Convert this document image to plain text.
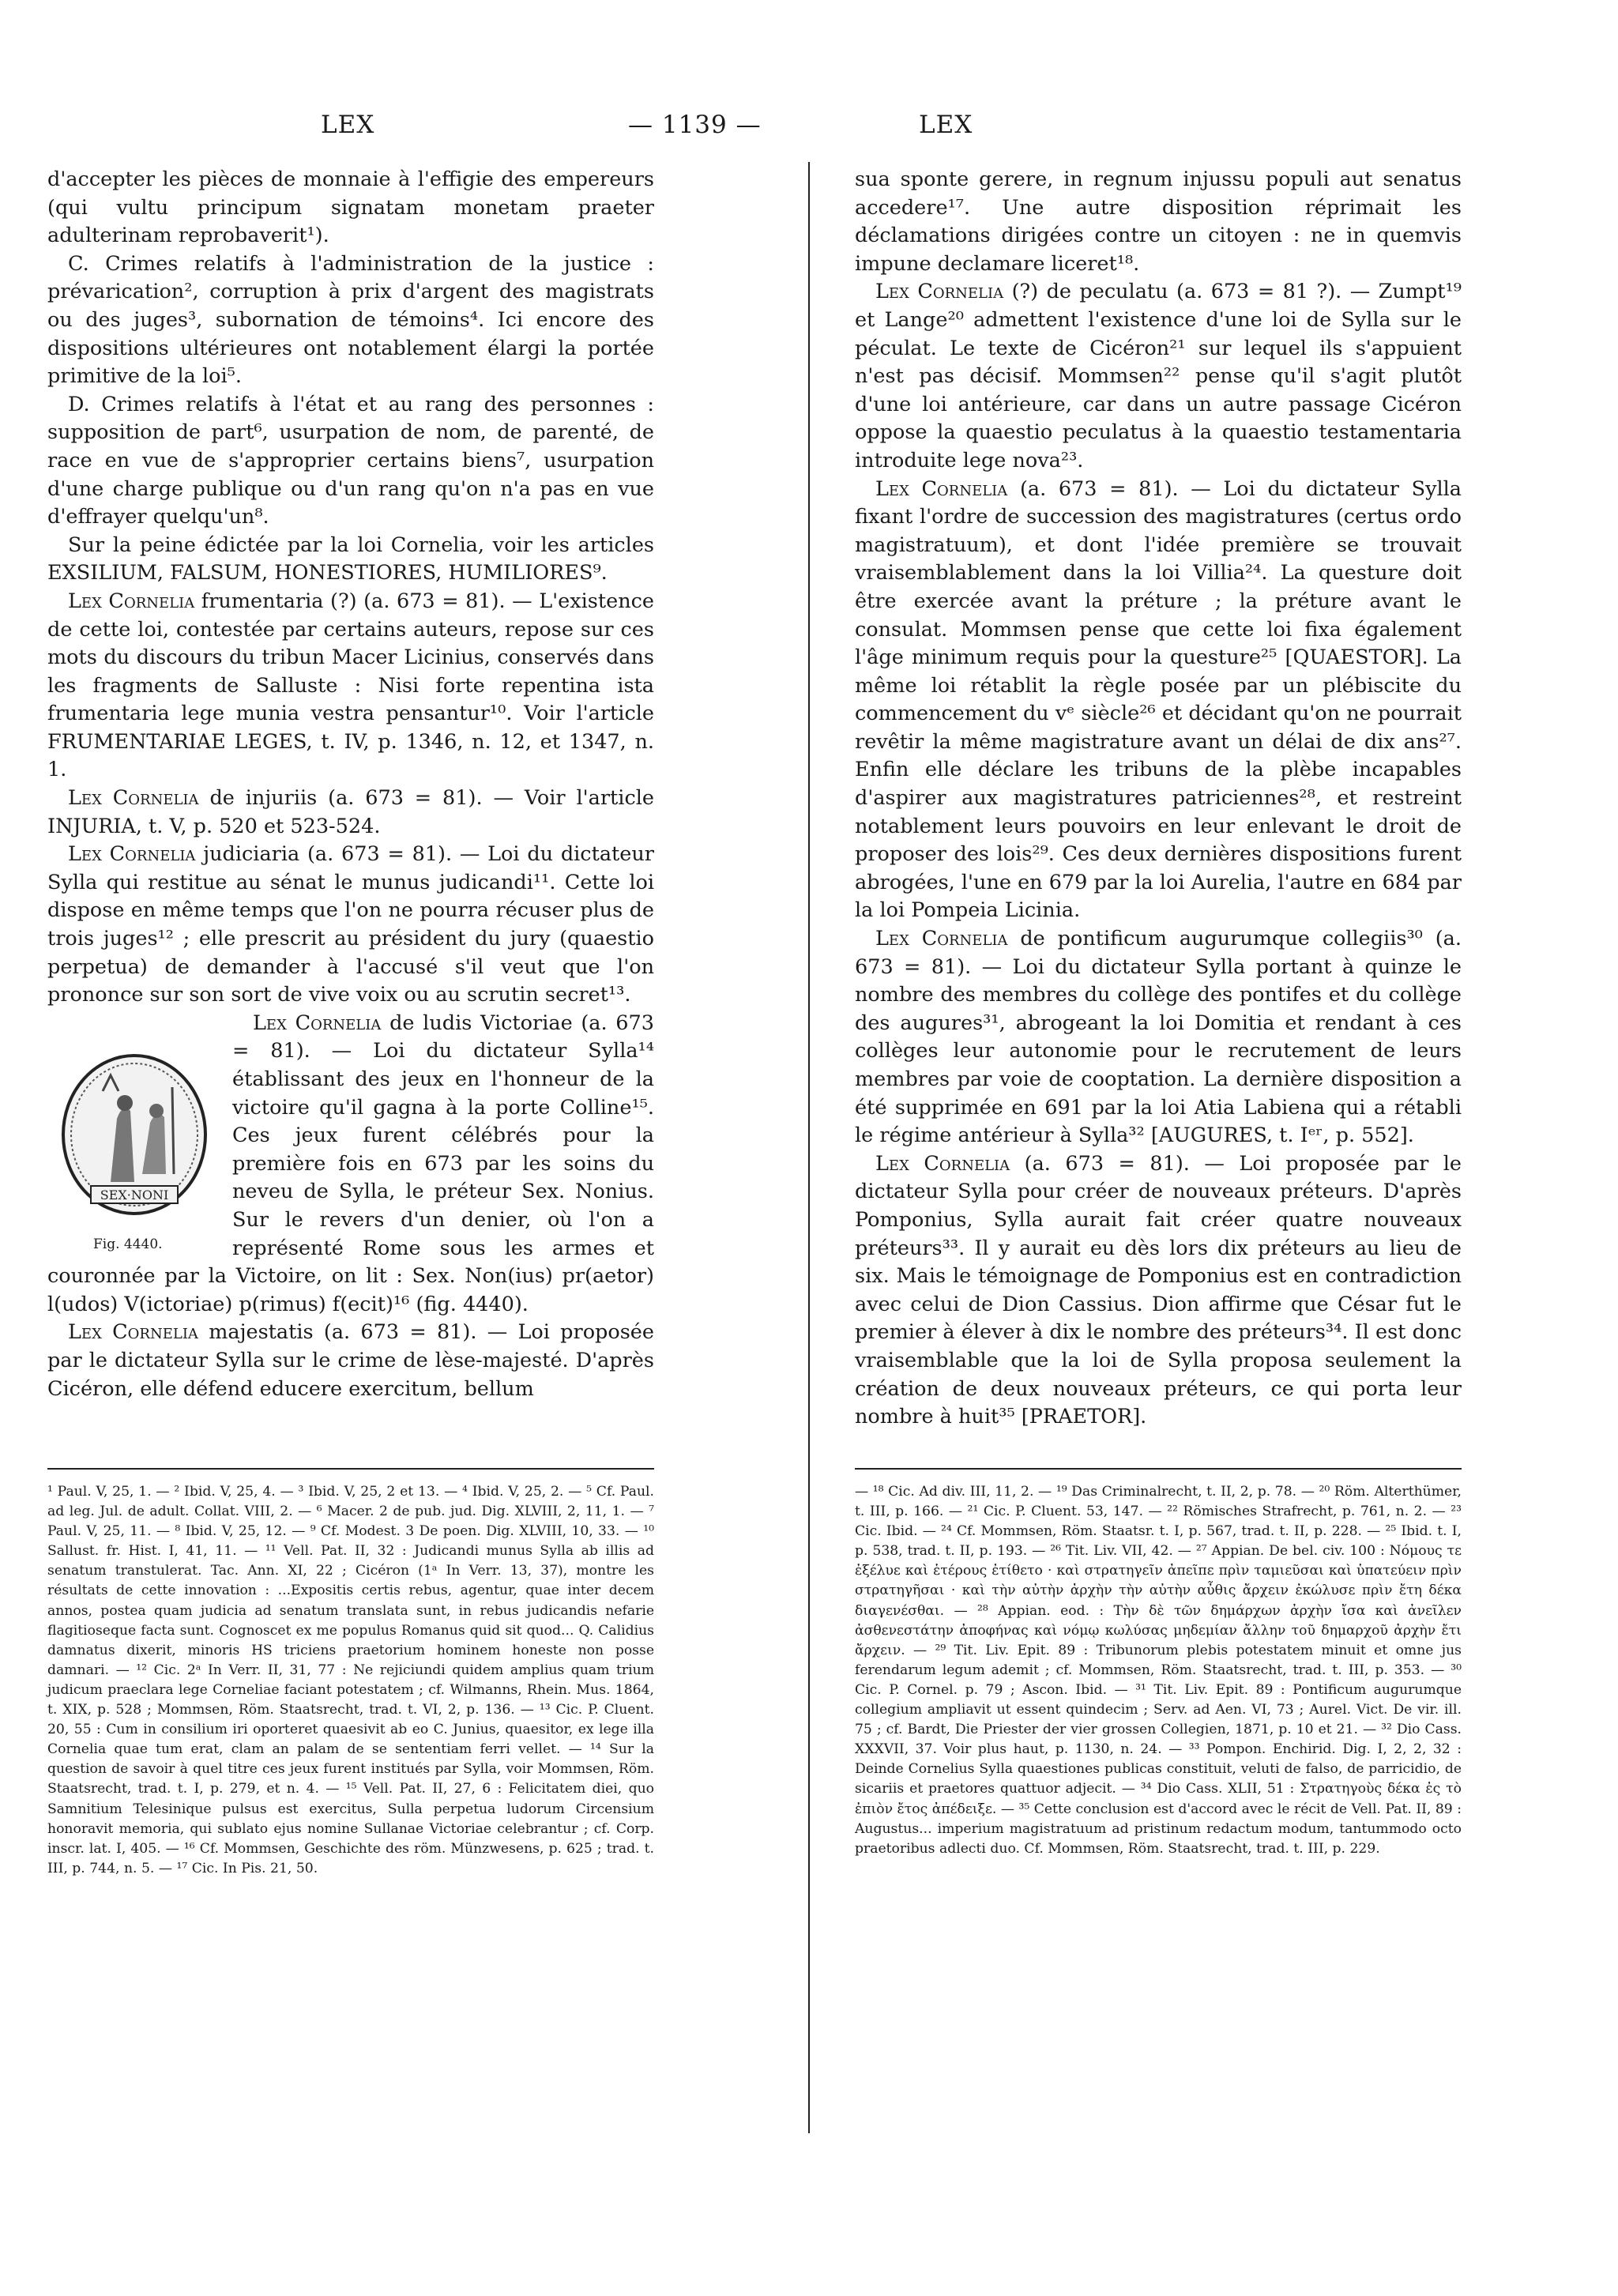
LEX	— 1139 —	LEX

d'accepter les pièces de monnaie à l'effigie des empereurs (qui vultu principum signatam monetam praeter adulterinam reprobaverit¹).

C. Crimes relatifs à l'administration de la justice : prévarication², corruption à prix d'argent des magistrats ou des juges³, subornation de témoins⁴. Ici encore des dispositions ultérieures ont notablement élargi la portée primitive de la loi⁵.

D. Crimes relatifs à l'état et au rang des personnes : supposition de part⁶, usurpation de nom, de parenté, de race en vue de s'approprier certains biens⁷, usurpation d'une charge publique ou d'un rang qu'on n'a pas en vue d'effrayer quelqu'un⁸.

Sur la peine édictée par la loi Cornelia, voir les articles EXSILIUM, FALSUM, HONESTIORES, HUMILIORES⁹.

Lex Cornelia frumentaria (?) (a. 673 = 81). — L'existence de cette loi, contestée par certains auteurs, repose sur ces mots du discours du tribun Macer Licinius, conservés dans les fragments de Salluste : Nisi forte repentina ista frumentaria lege munia vestra pensantur¹⁰. Voir l'article FRUMENTARIAE LEGES, t. IV, p. 1346, n. 12, et 1347, n. 1.

Lex Cornelia de injuriis (a. 673 = 81). — Voir l'article INJURIA, t. V, p. 520 et 523-524.

Lex Cornelia judiciaria (a. 673 = 81). — Loi du dictateur Sylla qui restitue au sénat le munus judicandi¹¹. Cette loi dispose en même temps que l'on ne pourra récuser plus de trois juges¹² ; elle prescrit au président du jury (quaestio perpetua) de demander à l'accusé s'il veut que l'on prononce sur son sort de vive voix ou au scrutin secret¹³.

SEX·NONI
Fig. 4440.

Lex Cornelia de ludis Victoriae (a. 673 = 81). — Loi du dictateur Sylla¹⁴ établissant des jeux en l'honneur de la victoire qu'il gagna à la porte Colline¹⁵. Ces jeux furent célébrés pour la première fois en 673 par les soins du neveu de Sylla, le préteur Sex. Nonius. Sur le revers d'un denier, où l'on a représenté Rome sous les armes et couronnée par la Victoire, on lit : Sex. Non(ius) pr(aetor) l(udos) V(ictoriae) p(rimus) f(ecit)¹⁶ (fig. 4440).

Lex Cornelia majestatis (a. 673 = 81). — Loi proposée par le dictateur Sylla sur le crime de lèse-majesté. D'après Cicéron, elle défend educere exercitum, bellum

sua sponte gerere, in regnum injussu populi aut senatus accedere¹⁷. Une autre disposition réprimait les déclamations dirigées contre un citoyen : ne in quemvis impune declamare liceret¹⁸.

Lex Cornelia (?) de peculatu (a. 673 = 81 ?). — Zumpt¹⁹ et Lange²⁰ admettent l'existence d'une loi de Sylla sur le péculat. Le texte de Cicéron²¹ sur lequel ils s'appuient n'est pas décisif. Mommsen²² pense qu'il s'agit plutôt d'une loi antérieure, car dans un autre passage Cicéron oppose la quaestio peculatus à la quaestio testamentaria introduite lege nova²³.

Lex Cornelia (a. 673 = 81). — Loi du dictateur Sylla fixant l'ordre de succession des magistratures (certus ordo magistratuum), et dont l'idée première se trouvait vraisemblablement dans la loi Villia²⁴. La questure doit être exercée avant la préture ; la préture avant le consulat. Mommsen pense que cette loi fixa également l'âge minimum requis pour la questure²⁵ [QUAESTOR]. La même loi rétablit la règle posée par un plébiscite du commencement du vᵉ siècle²⁶ et décidant qu'on ne pourrait revêtir la même magistrature avant un délai de dix ans²⁷. Enfin elle déclare les tribuns de la plèbe incapables d'aspirer aux magistratures patriciennes²⁸, et restreint notablement leurs pouvoirs en leur enlevant le droit de proposer des lois²⁹. Ces deux dernières dispositions furent abrogées, l'une en 679 par la loi Aurelia, l'autre en 684 par la loi Pompeia Licinia.

Lex Cornelia de pontificum augurumque collegiis³⁰ (a. 673 = 81). — Loi du dictateur Sylla portant à quinze le nombre des membres du collège des pontifes et du collège des augures³¹, abrogeant la loi Domitia et rendant à ces collèges leur autonomie pour le recrutement de leurs membres par voie de cooptation. La dernière disposition a été supprimée en 691 par la loi Atia Labiena qui a rétabli le régime antérieur à Sylla³² [AUGURES, t. Iᵉʳ, p. 552].

Lex Cornelia (a. 673 = 81). — Loi proposée par le dictateur Sylla pour créer de nouveaux préteurs. D'après Pomponius, Sylla aurait fait créer quatre nouveaux préteurs³³. Il y aurait eu dès lors dix préteurs au lieu de six. Mais le témoignage de Pomponius est en contradiction avec celui de Dion Cassius. Dion affirme que César fut le premier à élever à dix le nombre des préteurs³⁴. Il est donc vraisemblable que la loi de Sylla proposa seulement la création de deux nouveaux préteurs, ce qui porta leur nombre à huit³⁵ [PRAETOR].

¹ Paul. V, 25, 1. — ² Ibid. V, 25, 4. — ³ Ibid. V, 25, 2 et 13. — ⁴ Ibid. V, 25, 2. — ⁵ Cf. Paul. ad leg. Jul. de adult. Collat. VIII, 2. — ⁶ Macer. 2 de pub. jud. Dig. XLVIII, 2, 11, 1. — ⁷ Paul. V, 25, 11. — ⁸ Ibid. V, 25, 12. — ⁹ Cf. Modest. 3 De poen. Dig. XLVIII, 10, 33. — ¹⁰ Sallust. fr. Hist. I, 41, 11. — ¹¹ Vell. Pat. II, 32 : Judicandi munus Sylla ab illis ad senatum transtulerat. Tac. Ann. XI, 22 ; Cicéron (1ᵃ In Verr. 13, 37), montre les résultats de cette innovation : ...Expositis certis rebus, agentur, quae inter decem annos, postea quam judicia ad senatum translata sunt, in rebus judicandis nefarie flagitioseque facta sunt. Cognoscet ex me populus Romanus quid sit quod... Q. Calidius damnatus dixerit, minoris HS triciens praetorium hominem honeste non posse damnari. — ¹² Cic. 2ᵃ In Verr. II, 31, 77 : Ne rejiciundi quidem amplius quam trium judicum praeclara lege Corneliae faciant potestatem ; cf. Wilmanns, Rhein. Mus. 1864, t. XIX, p. 528 ; Mommsen, Röm. Staatsrecht, trad. t. VI, 2, p. 136. — ¹³ Cic. P. Cluent. 20, 55 : Cum in consilium iri oporteret quaesivit ab eo C. Junius, quaesitor, ex lege illa Cornelia quae tum erat, clam an palam de se sententiam ferri vellet. — ¹⁴ Sur la question de savoir à quel titre ces jeux furent institués par Sylla, voir Mommsen, Röm. Staatsrecht, trad. t. I, p. 279, et n. 4. — ¹⁵ Vell. Pat. II, 27, 6 : Felicitatem diei, quo Samnitium Telesinique pulsus est exercitus, Sulla perpetua ludorum Circensium honoravit memoria, qui sublato ejus nomine Sullanae Victoriae celebrantur ; cf. Corp. inscr. lat. I, 405. — ¹⁶ Cf. Mommsen, Geschichte des röm. Münzwesens, p. 625 ; trad. t. III, p. 744, n. 5. — ¹⁷ Cic. In Pis. 21, 50.

— ¹⁸ Cic. Ad div. III, 11, 2. — ¹⁹ Das Criminalrecht, t. II, 2, p. 78. — ²⁰ Röm. Alterthümer, t. III, p. 166. — ²¹ Cic. P. Cluent. 53, 147. — ²² Römisches Strafrecht, p. 761, n. 2. — ²³ Cic. Ibid. — ²⁴ Cf. Mommsen, Röm. Staatsr. t. I, p. 567, trad. t. II, p. 228. — ²⁵ Ibid. t. I, p. 538, trad. t. II, p. 193. — ²⁶ Tit. Liv. VII, 42. — ²⁷ Appian. De bel. civ. 100 : Νόμους τε ἐξέλυε καὶ ἑτέρους ἐτίθετο · καὶ στρατηγεῖν ἀπεῖπε πρὶν ταμιεῦσαι καὶ ὑπατεύειν πρὶν στρατηγῆσαι · καὶ τὴν αὐτὴν ἀρχὴν τὴν αὐτὴν αὖθις ἄρχειν ἐκώλυσε πρὶν ἔτη δέκα διαγενέσθαι. — ²⁸ Appian. eod. : Τὴν δὲ τῶν δημάρχων ἀρχὴν ἴσα καὶ ἀνεῖλεν ἀσθενεστάτην ἀποφήνας καὶ νόμῳ κωλύσας μηδεμίαν ἄλλην τοῦ δημαρχοῦ ἀρχὴν ἔτι ἄρχειν. — ²⁹ Tit. Liv. Epit. 89 : Tribunorum plebis potestatem minuit et omne jus ferendarum legum ademit ; cf. Mommsen, Röm. Staatsrecht, trad. t. III, p. 353. — ³⁰ Cic. P. Cornel. p. 79 ; Ascon. Ibid. — ³¹ Tit. Liv. Epit. 89 : Pontificum augurumque collegium ampliavit ut essent quindecim ; Serv. ad Aen. VI, 73 ; Aurel. Vict. De vir. ill. 75 ; cf. Bardt, Die Priester der vier grossen Collegien, 1871, p. 10 et 21. — ³² Dio Cass. XXXVII, 37. Voir plus haut, p. 1130, n. 24. — ³³ Pompon. Enchirid. Dig. I, 2, 2, 32 : Deinde Cornelius Sylla quaestiones publicas constituit, veluti de falso, de parricidio, de sicariis et praetores quattuor adjecit. — ³⁴ Dio Cass. XLII, 51 : Στρατηγοὺς δέκα ἐς τὸ ἐπιὸν ἔτος ἀπέδειξε. — ³⁵ Cette conclusion est d'accord avec le récit de Vell. Pat. II, 89 : Augustus... imperium magistratuum ad pristinum redactum modum, tantummodo octo praetoribus adlecti duo. Cf. Mommsen, Röm. Staatsrecht, trad. t. III, p. 229.
